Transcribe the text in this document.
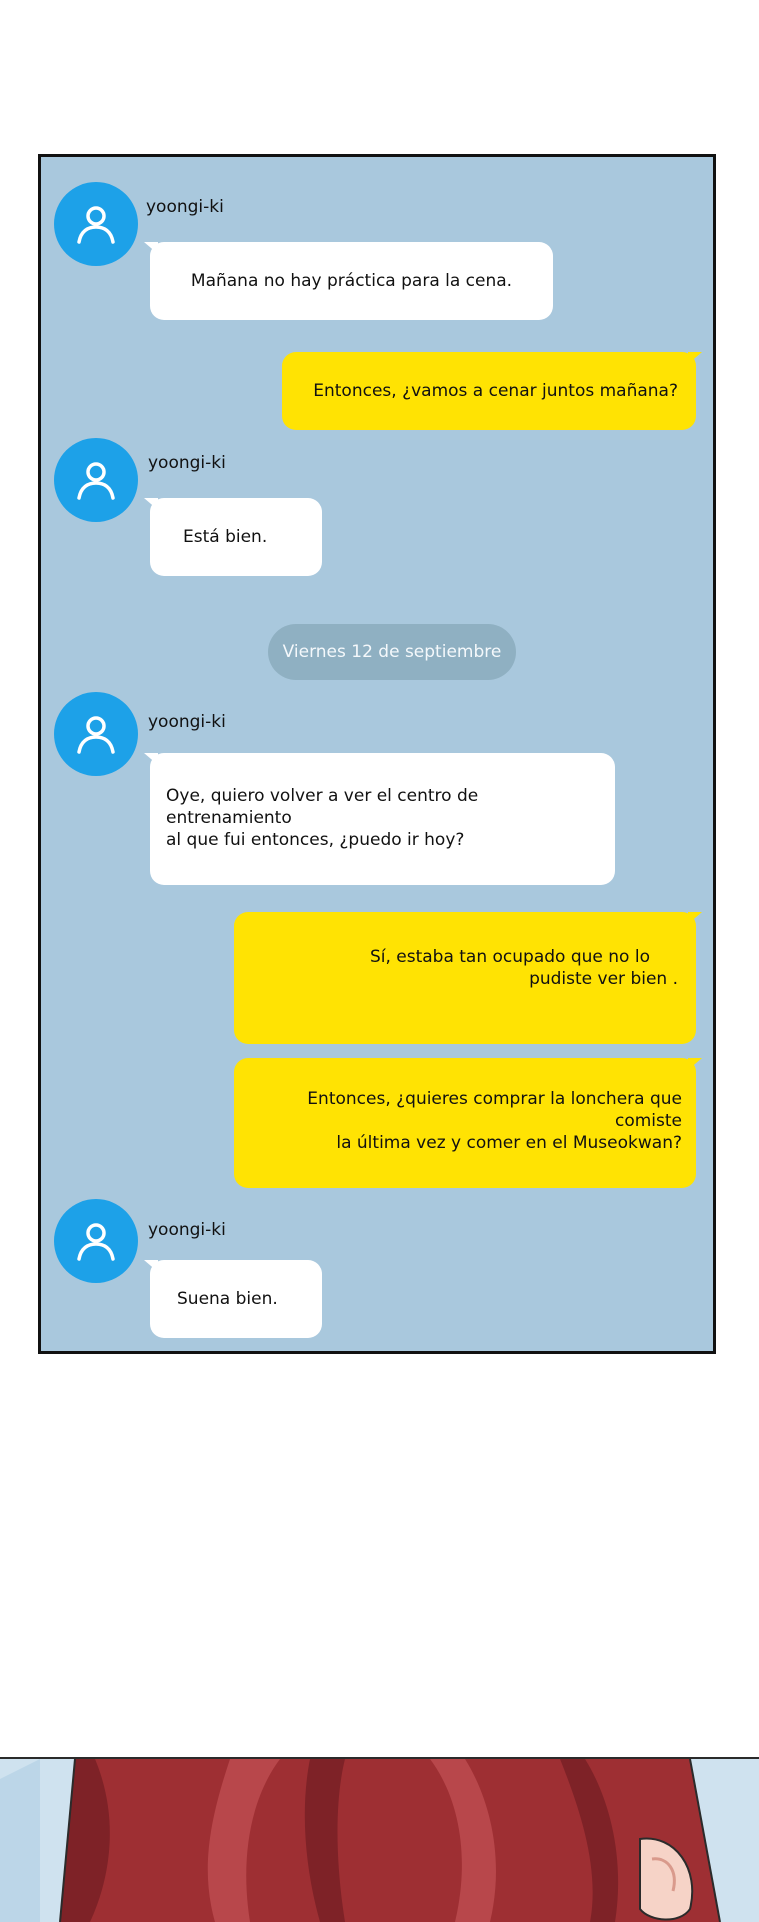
yoongi-ki
Mañana no hay práctica para la cena.
Entonces, ¿vamos a cenar juntos mañana?
yoongi-ki
Está bien.
Viernes 12 de septiembre
yoongi-ki
Oye, quiero volver a ver el centro de entrenamiento
al que fui entonces, ¿puedo ir hoy?
Sí, estaba tan ocupado que no lo
pudiste ver bien .
Entonces, ¿quieres comprar la lonchera que comiste
la última vez y comer en el Museokwan?
yoongi-ki
Suena bien.
